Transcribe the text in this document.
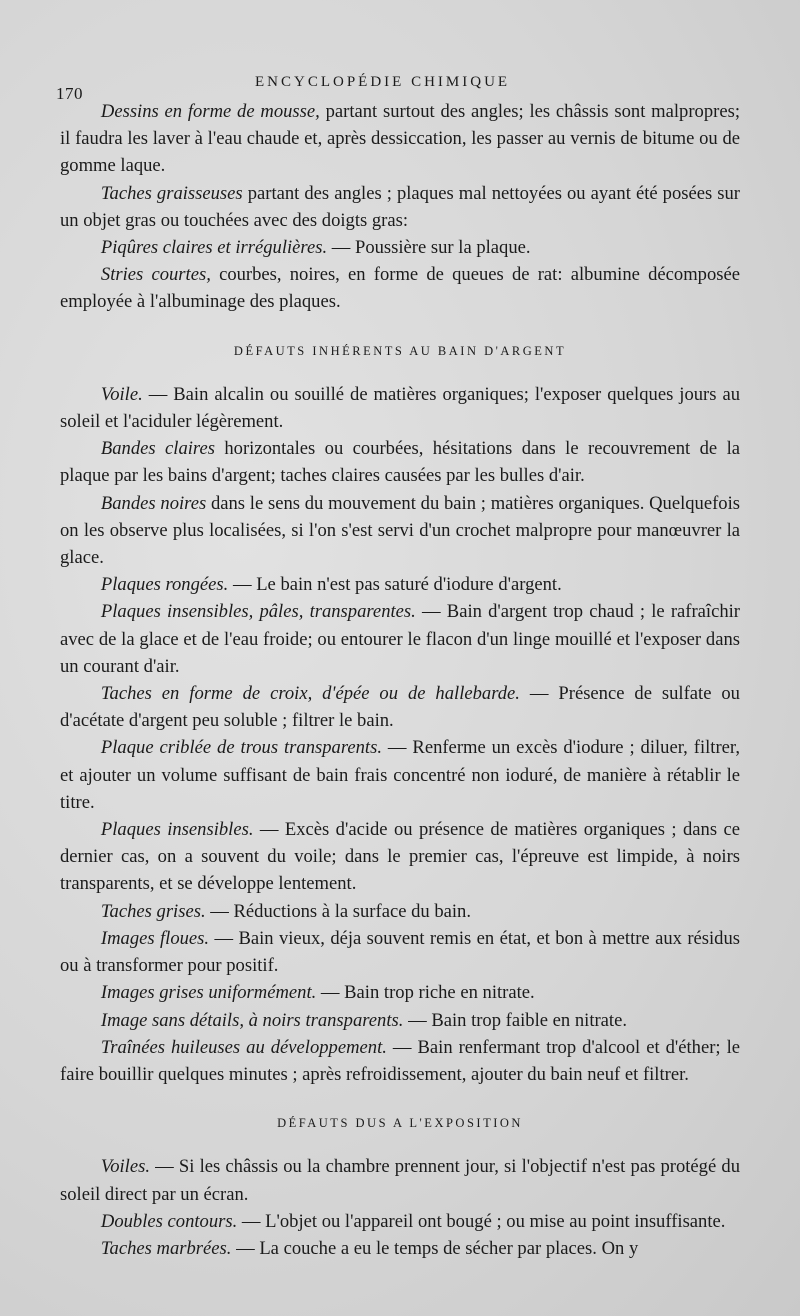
170
ENCYCLOPÉDIE CHIMIQUE

Dessins en forme de mousse, partant surtout des angles; les châssis sont malpropres; il faudra les laver à l'eau chaude et, après dessiccation, les passer au vernis de bitume ou de gomme laque.

Taches graisseuses partant des angles ; plaques mal nettoyées ou ayant été posées sur un objet gras ou touchées avec des doigts gras:

Piqûres claires et irrégulières. — Poussière sur la plaque.

Stries courtes, courbes, noires, en forme de queues de rat: albumine décomposée employée à l'albuminage des plaques.

DÉFAUTS INHÉRENTS AU BAIN D'ARGENT

Voile. — Bain alcalin ou souillé de matières organiques; l'exposer quelques jours au soleil et l'aciduler légèrement.

Bandes claires horizontales ou courbées, hésitations dans le recouvrement de la plaque par les bains d'argent; taches claires causées par les bulles d'air.

Bandes noires dans le sens du mouvement du bain ; matières organiques. Quelquefois on les observe plus localisées, si l'on s'est servi d'un crochet malpropre pour manœuvrer la glace.

Plaques rongées. — Le bain n'est pas saturé d'iodure d'argent.

Plaques insensibles, pâles, transparentes. — Bain d'argent trop chaud ; le rafraîchir avec de la glace et de l'eau froide; ou entourer le flacon d'un linge mouillé et l'exposer dans un courant d'air.

Taches en forme de croix, d'épée ou de hallebarde. — Présence de sulfate ou d'acétate d'argent peu soluble ; filtrer le bain.

Plaque criblée de trous transparents. — Renferme un excès d'iodure ; diluer, filtrer, et ajouter un volume suffisant de bain frais concentré non ioduré, de manière à rétablir le titre.

Plaques insensibles. — Excès d'acide ou présence de matières organiques ; dans ce dernier cas, on a souvent du voile; dans le premier cas, l'épreuve est limpide, à noirs transparents, et se développe lentement.

Taches grises. — Réductions à la surface du bain.

Images floues. — Bain vieux, déja souvent remis en état, et bon à mettre aux résidus ou à transformer pour positif.

Images grises uniformément. — Bain trop riche en nitrate.

Image sans détails, à noirs transparents. — Bain trop faible en nitrate.

Traînées huileuses au développement. — Bain renfermant trop d'alcool et d'éther; le faire bouillir quelques minutes ; après refroidissement, ajouter du bain neuf et filtrer.

DÉFAUTS DUS A L'EXPOSITION

Voiles. — Si les châssis ou la chambre prennent jour, si l'objectif n'est pas protégé du soleil direct par un écran.

Doubles contours. — L'objet ou l'appareil ont bougé ; ou mise au point insuffisante.

Taches marbrées. — La couche a eu le temps de sécher par places. On y
